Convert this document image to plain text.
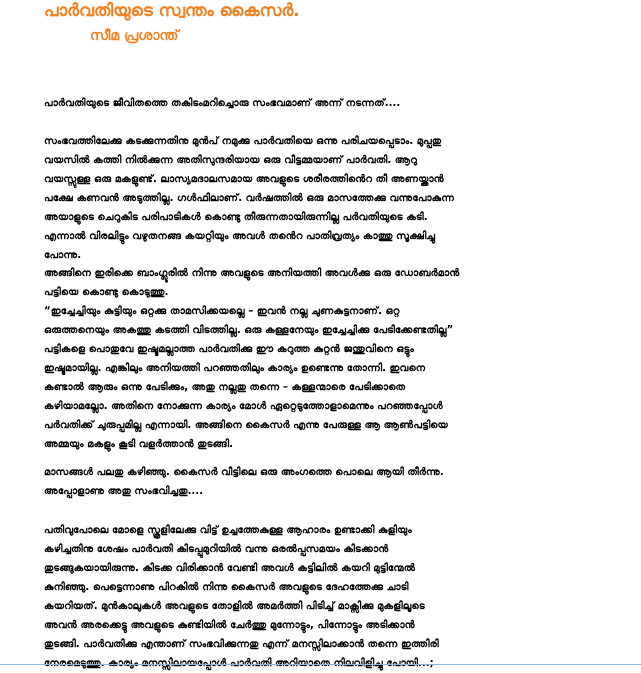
പാർവതിയുടെ സ്വന്തം കൈസർ.
സീമ പ്രശാന്ത്

പാർവതിയുടെ ജീവിതത്തെ തകിടംമറിച്ചൊരു സംഭവമാണ് അന്ന് നടന്നത്....

സംഭവത്തിലേക്കു കടക്കുന്നതിനു മുൻപ് നമുക്കു പാർവതിയെ ഒന്നു പരിചയപ്പെടാം. മുപ്പതു
വയസിൽ കത്തി നിൽക്കുന്ന അതിസുന്ദരിയായ ഒരു വീട്ടമ്മയാണ് പാർവതി. ആറു
വയസ്സുള്ള ഒരു മകളുണ്ട്. ലാസ്യമദാലസമായ അവളുടെ ശരീരത്തിൻെറ തീ അണയ്ക്കാൻ
പക്ഷേ കണവൻ അടുത്തില്ല. ഗൾഫിലാണ്. വർഷത്തിൽ ഒരു മാസത്തേക്കു വന്നുപോകുന്ന
അയാളുടെ ചെറുകിട പരിപാടികൾ കൊണ്ടു തീരുന്നതായിരുന്നില്ല പർവതിയുടെ കടി.
എന്നാൽ വിരലിട്ടും വഴുതനങ്ങ കയറ്റിയും അവൾ തൻെറ പാതിവ്രത്യം കാത്തു സൂക്ഷിച്ചു
പോന്നു.

അങ്ങിനെ ഇരിക്കെ ബാംഗ്ലൂരിൽ നിന്നു അവളുടെ അനിയത്തി അവൾക്കു ഒരു ഡോബർമാൻ
പട്ടിയെ കൊണ്ടു കൊടുത്തു.
“ഇച്ചേച്ചിയും കുട്ടിയും ഒറ്റക്കു താമസിക്കയല്ലെ – ഇവൻ നല്ല ചുണകുട്ടനാണ്. ഒറ്റ
ഒരുത്തനെയും അകത്തു കടത്തി വിടത്തില്ല. ഒരു കള്ളനേയും ഇച്ചേച്ചിക്കു പേടിക്കേണ്ടതില്ല”
പട്ടികളെ പൊതുവേ ഇഷ്ടമല്ലാത്ത പാർവതിക്കു ഈ കറുത്ത കുറ്റൻ ജന്തുവിനെ ഒട്ടും
ഇഷ്ടമായില്ല. എങ്കിലും അനിയത്തി പറഞ്ഞതിലും കാര്യം ഉണ്ടെന്നു തോന്നി. ഇവനെ
കണ്ടാൽ ആരും ഒന്നു പേടിക്കും, അതു നല്ലതു തന്നെ – കള്ളന്മാരെ പേടിക്കാതെ
കഴിയാമല്ലോ. അതിനെ നോക്കുന്ന കാര്യം മോൾ ഏറ്റെടുത്തോളാമെന്നും പറഞ്ഞപ്പോൾ
പർവതിക്ക് ചുരുപ്പമില്ല എന്നായി. അങ്ങിനെ കൈസർ എന്നു പേരുള്ള ആ ആൺപട്ടിയെ
അമ്മയും മകളും കൂടി വളർത്താൻ തുടങ്ങി.

മാസങ്ങൾ പലതു കഴിഞ്ഞു. കൈസർ വീട്ടിലെ ഒരു അംഗത്തെ പൊലെ ആയി തീർന്നു.
അപ്പോളാണു അതു സംഭവിച്ചതു....

പതിവുപോലെ മോളെ സ്കൂളിലേക്കു വിട്ട് ഉച്ചത്തേകുള്ള ആഹാരം ഉണ്ടാക്കി കുളിയും
കഴിച്ചതിനു ശേഷം പാർവതി കിടപ്പുമുറിയിൽ വന്നു ഒരൽപ്പസമയം കിടക്കാൻ
തുടങ്ങുകയായിരുന്നു. കിടക്ക വിരിക്കാൻ വേണ്ടി അവൾ കട്ടിലിൽ കയറി മുട്ടിന്മേൽ
കുനിഞ്ഞു. പെട്ടെന്നാണു പിറകിൽ നിന്നു കൈസർ അവളുടെ ദേഹത്തേക്കു ചാടി
കയറിയത്. മുൻകാലുകൾ അവളുടെ തോളിൽ അമർത്തി പിടിച്ച് മാക്സിക്കു മുകളിലൂടെ
അവൻ അരക്കെട്ടു അവളുടെ കുണ്ടിയിൽ ചേർത്തു മുന്നോട്ടും, പിന്നോട്ടും അടിക്കാൻ
തുടങ്ങി. പാർവതിക്കു എന്താണ് സംഭവിക്കുന്നതു എന്ന് മനസ്സിലാക്കാൻ തന്നെ ഇത്തിരി
